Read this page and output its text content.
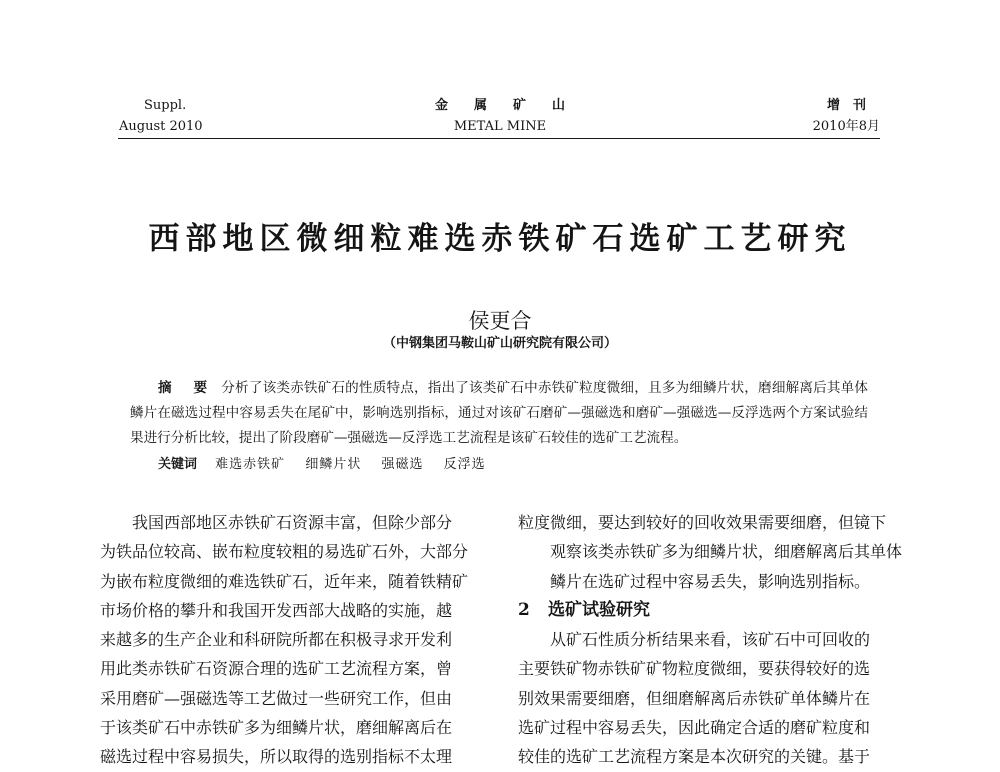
Suppl.
August 2010
金　　属　　矿　　山
METAL MINE
增　刊
2010年8月
西部地区微细粒难选赤铁矿石选矿工艺研究
侯更合
（中钢集团马鞍山矿山研究院有限公司）
摘　要 分析了该类赤铁矿石的性质特点，指出了该类矿石中赤铁矿粒度微细，且多为细鳞片状，磨细解离后其单体鳞片在磁选过程中容易丢失在尾矿中，影响选别指标，通过对该矿石磨矿—强磁选和磨矿—强磁选—反浮选两个方案试验结果进行分析比较，提出了阶段磨矿—强磁选—反浮选工艺流程是该矿石较佳的选矿工艺流程。
关键词 难选赤铁矿 细鳞片状 强磁选 反浮选
我国西部地区赤铁矿石资源丰富，但除少部分
为铁品位较高、嵌布粒度较粗的易选矿石外，大部分
为嵌布粒度微细的难选铁矿石，近年来，随着铁精矿
市场价格的攀升和我国开发西部大战略的实施，越
来越多的生产企业和科研院所都在积极寻求开发利
用此类赤铁矿石资源合理的选矿工艺流程方案，曾
采用磨矿—强磁选等工艺做过一些研究工作，但由
于该类矿石中赤铁矿多为细鳞片状，磨细解离后在
磁选过程中容易损失，所以取得的选别指标不太理
粒度微细，要达到较好的回收效果需要细磨，但镜下
观察该类赤铁矿多为细鳞片状，细磨解离后其单体
鳞片在选矿过程中容易丢失，影响选别指标。
2 选矿试验研究
从矿石性质分析结果来看，该矿石中可回收的
主要铁矿物赤铁矿矿物粒度微细，要获得较好的选
别效果需要细磨，但细磨解离后赤铁矿单体鳞片在
选矿过程中容易丢失，因此确定合适的磨矿粒度和
较佳的选矿工艺流程方案是本次研究的关键。基于
